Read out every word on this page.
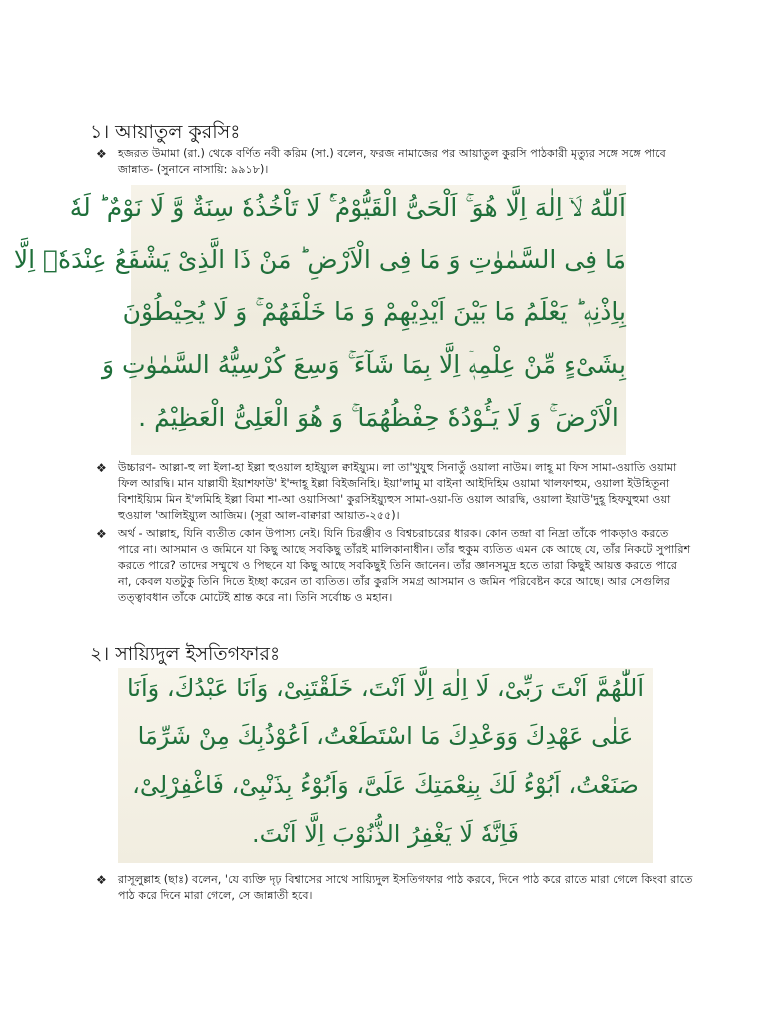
১। আয়াতুল কুরসিঃ
❖ হজরত উমামা (রা.) থেকে বর্ণিত নবী করিম (সা.) বলেন, ফরজ নামাজের পর আয়াতুল কুরসি পাঠকারী মৃত্যুর সঙ্গে সঙ্গে পাবে জান্নাত- (সুনানে নাসায়ি: ৯৯১৮)।
اَللّٰهُ لَاۤ اِلٰهَ اِلَّا هُوَ ۚ اَلْحَیُّ الْقَیُّوْمُ ۚ۬ لَا تَاْخُذُهٗ سِنَةٌ وَّ لَا نَوْمٌ ؕ لَهٗ
مَا فِی السَّمٰوٰتِ وَ مَا فِی الْاَرْضِ ؕ مَنْ ذَا الَّذِیْ یَشْفَعُ عِنْدَهٗۤ اِلَّا
بِاِذْنِهٖ ؕ یَعْلَمُ مَا بَیْنَ اَیْدِیْهِمْ وَ مَا خَلْفَهُمْ ۚ وَ لَا یُحِیْطُوْنَ
بِشَیْءٍ مِّنْ عِلْمِهٖۤ اِلَّا بِمَا شَآءَ ۚ وَسِعَ كُرْسِیُّهُ السَّمٰوٰتِ وَ
الْاَرْضَ ۚ وَ لَا یَـُٔوْدُهٗ حِفْظُهُمَا ۚ وَ هُوَ الْعَلِیُّ الْعَظِیْمُ .
❖ উচ্চারণ- আল্লা-হু লা ইলা-হা ইল্লা হুওয়াল হাইয়্যুল ক্বাইয়্যুম। লা তা'খুযুহু সিনাতুঁ ওয়ালা নাউম। লাহূ মা ফিস সামা-ওয়াতি ওয়ামা ফিল আরদ্বি। মান যাল্লাযী ইয়াশফাউ' ই'ন্দাহূ ইল্লা বিইজনিহি। ইয়া'লামু মা বাইনা আইদিহিম ওয়ামা খালফাহুম, ওয়ালা ইউহিতূনা বিশাইয়্যিম মিন ই'লমিহি ইল্লা বিমা শা-আ ওয়াসিআ' কুরসিইয়্যুহুস সামা-ওয়া-তি ওয়াল আরদ্বি, ওয়ালা ইয়াউ'দুহূ হিফযুহুমা ওয়া হুওয়াল 'আলিইয়্যুল আজিম। (সূরা আল-বাক্বারা আয়াত-২৫৫)।
❖ অর্থ - আল্লাহ, যিনি ব্যতীত কোন উপাস্য নেই। যিনি চিরঞ্জীব ও বিশ্বচরাচরের ধারক। কোন তন্দ্রা বা নিদ্রা তাঁকে পাকড়াও করতে পারে না। আসমান ও জমিনে যা কিছু আছে সবকিছু তাঁরই মালিকানাধীন। তাঁর হুকুম ব্যতিত এমন কে আছে যে, তাঁর নিকটে সুপারিশ করতে পারে? তাদের সম্মুখে ও পিছনে যা কিছু আছে সবকিছুই তিনি জানেন। তাঁর জ্ঞানসমুদ্র হতে তারা কিছুই আয়ত্ত করতে পারে না, কেবল যতটুকু তিনি দিতে ইচ্ছা করেন তা ব্যতিত। তাঁর কুরসি সমগ্র আসমান ও জমিন পরিবেষ্টন করে আছে। আর সেগুলির তত্ত্বাবধান তাঁকে মোটেই শ্রান্ত করে না। তিনি সর্বোচ্চ ও মহান।
২। সায়্যিদুল ইসতিগফারঃ
اَللّٰهُمَّ اَنْتَ رَبِّیْ، لَا اِلٰهَ اِلَّا اَنْتَ، خَلَقْتَنِیْ، وَاَنَا عَبْدُكَ، وَاَنَا
عَلٰی عَهْدِكَ وَوَعْدِكَ مَا اسْتَطَعْتُ، اَعُوْذُبِكَ مِنْ شَرِّمَا
صَنَعْتُ، اَبُوْءُ لَكَ بِنِعْمَتِكَ عَلَیَّ، وَاَبُوْءُ بِذَنْبِیْ، فَاغْفِرْلِیْ،
فَاِنَّهٗ لَا یَغْفِرُ الذُّنُوْبَ اِلَّا اَنْتَ.
❖ রাসূলুল্লাহ (ছাঃ) বলেন, 'যে ব্যক্তি দৃঢ় বিশ্বাসের সাথে সায়্যিদুল ইসতিগফার পাঠ করবে, দিনে পাঠ করে রাতে মারা গেলে কিংবা রাতে পাঠ করে দিনে মারা গেলে, সে জান্নাতী হবে।
